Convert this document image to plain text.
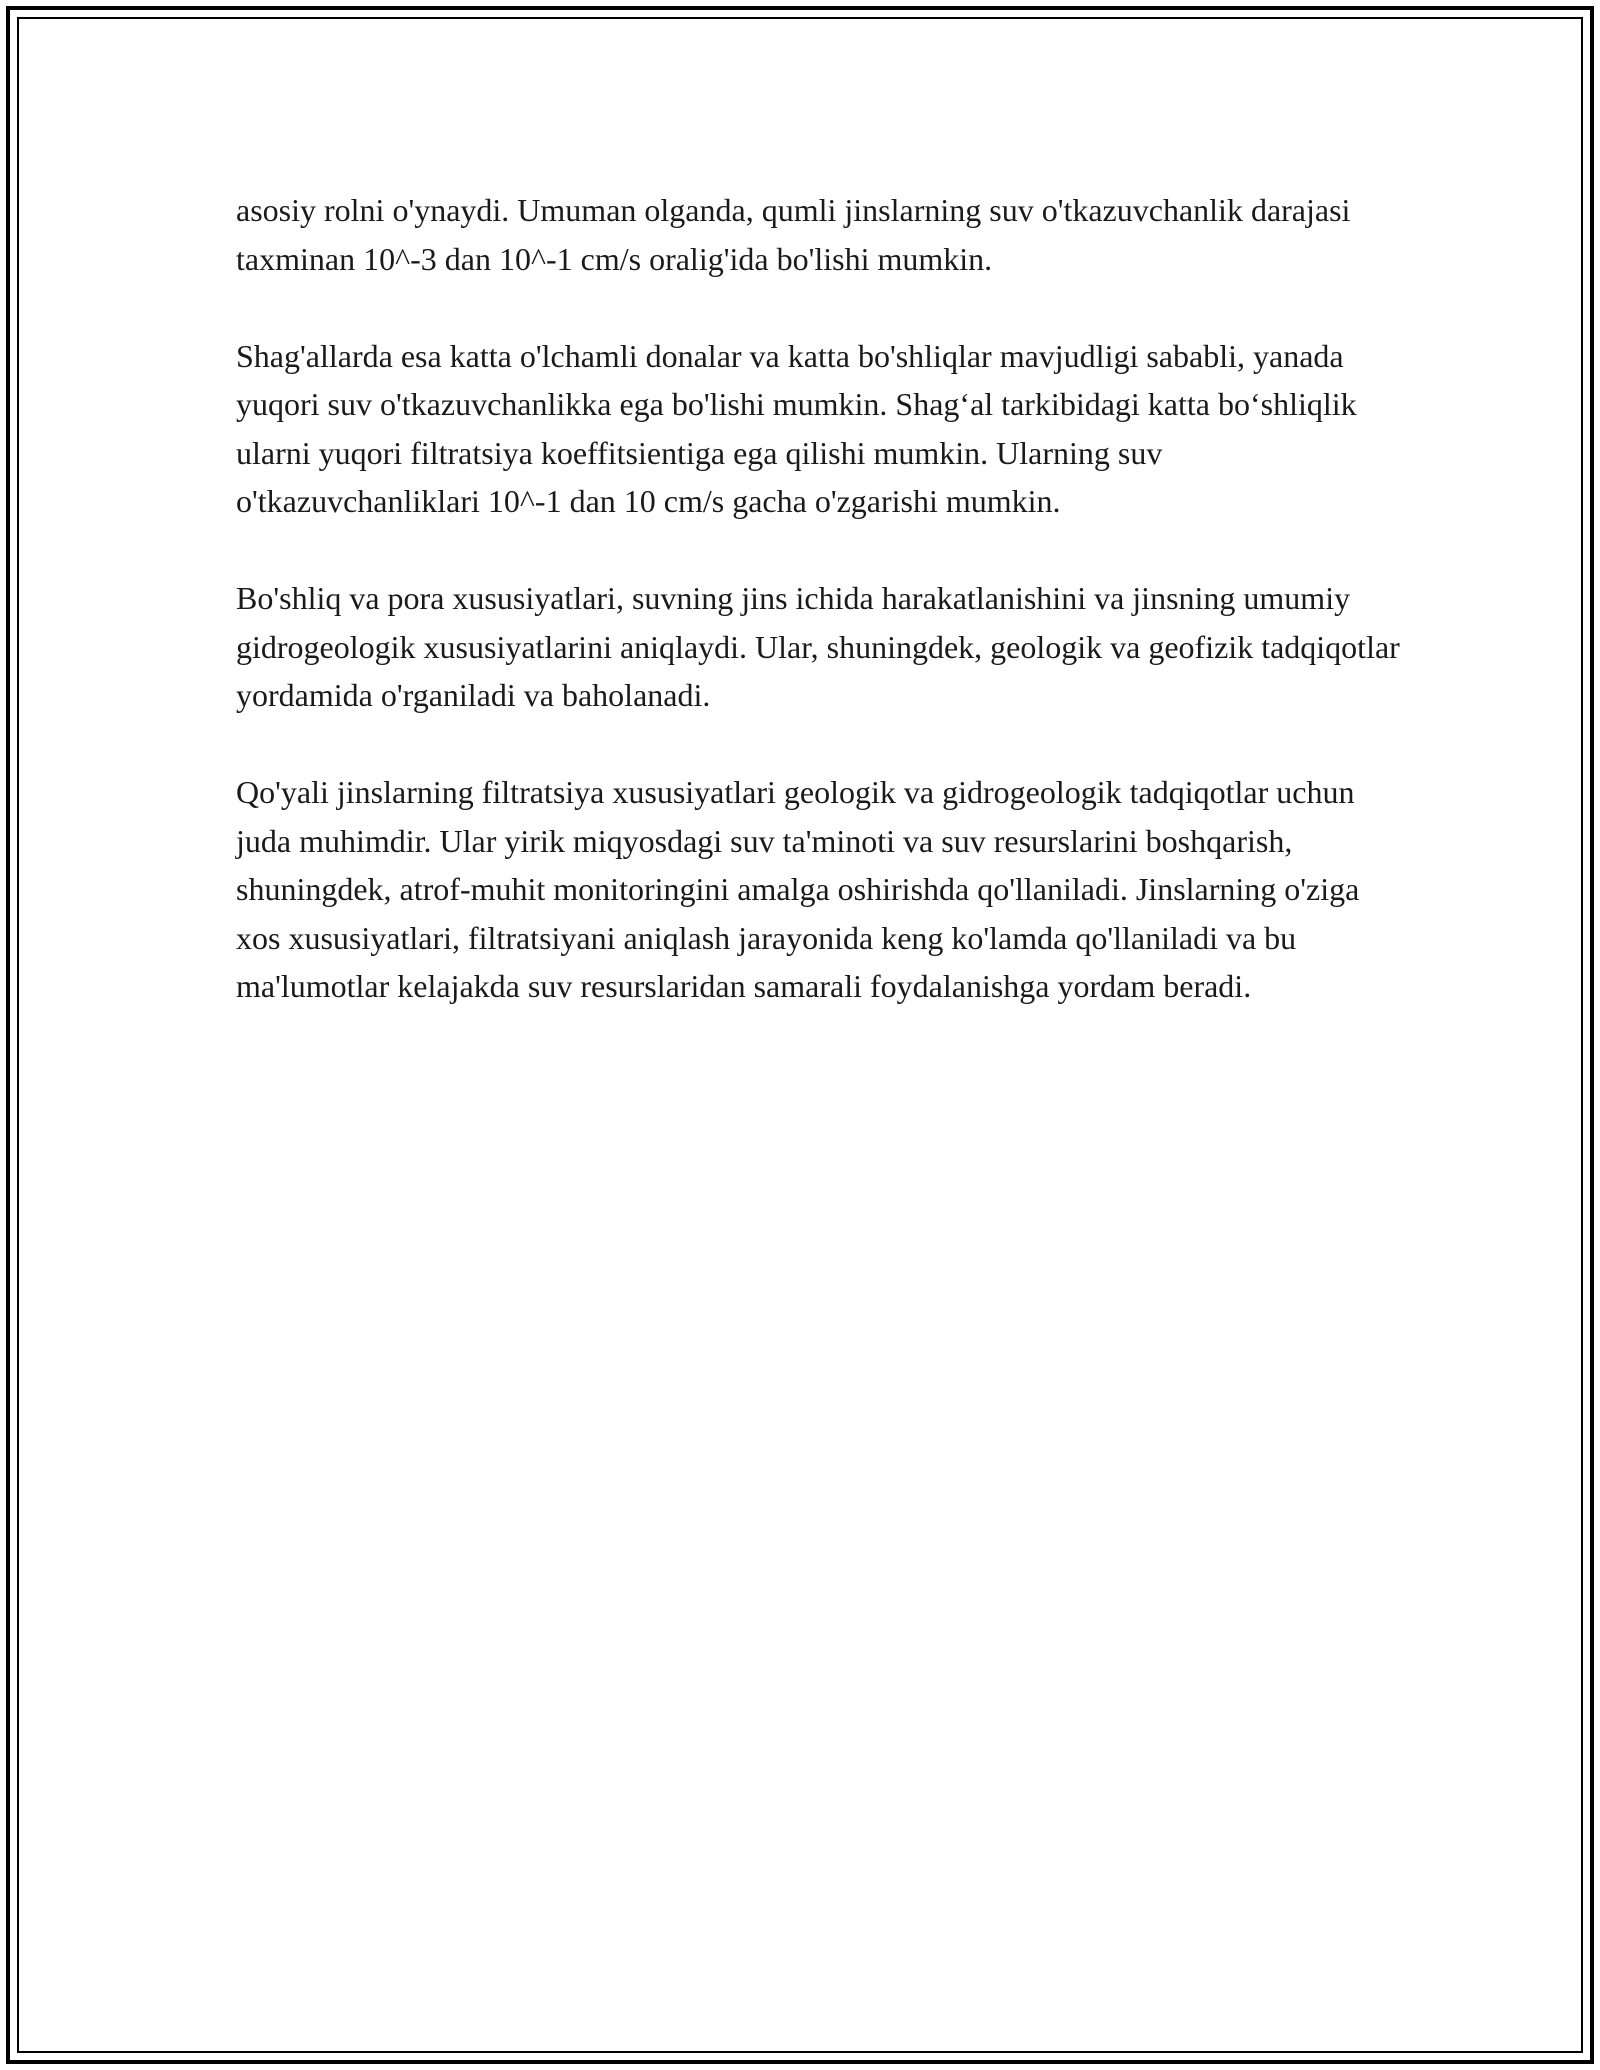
asosiy rolni o'ynaydi. Umuman olganda, qumli jinslarning suv o'tkazuvchanlik darajasi taxminan 10^-3 dan 10^-1 cm/s oralig'ida bo'lishi mumkin.

Shag'allarda esa katta o'lchamli donalar va katta bo'shliqlar mavjudligi sababli, yanada yuqori suv o'tkazuvchanlikka ega bo'lishi mumkin. Shag‘al tarkibidagi katta bo‘shliqlik ularni yuqori filtratsiya koeffitsientiga ega qilishi mumkin. Ularning suv o'tkazuvchanliklari 10^-1 dan 10 cm/s gacha o'zgarishi mumkin.

Bo'shliq va pora xususiyatlari, suvning jins ichida harakatlanishini va jinsning umumiy gidrogeologik xususiyatlarini aniqlaydi. Ular, shuningdek, geologik va geofizik tadqiqotlar yordamida o'rganiladi va baholanadi.

Qo'yali jinslarning filtratsiya xususiyatlari geologik va gidrogeologik tadqiqotlar uchun juda muhimdir. Ular yirik miqyosdagi suv ta'minoti va suv resurslarini boshqarish, shuningdek, atrof-muhit monitoringini amalga oshirishda qo'llaniladi. Jinslarning o'ziga xos xususiyatlari, filtratsiyani aniqlash jarayonida keng ko'lamda qo'llaniladi va bu ma'lumotlar kelajakda suv resurslaridan samarali foydalanishga yordam beradi.
